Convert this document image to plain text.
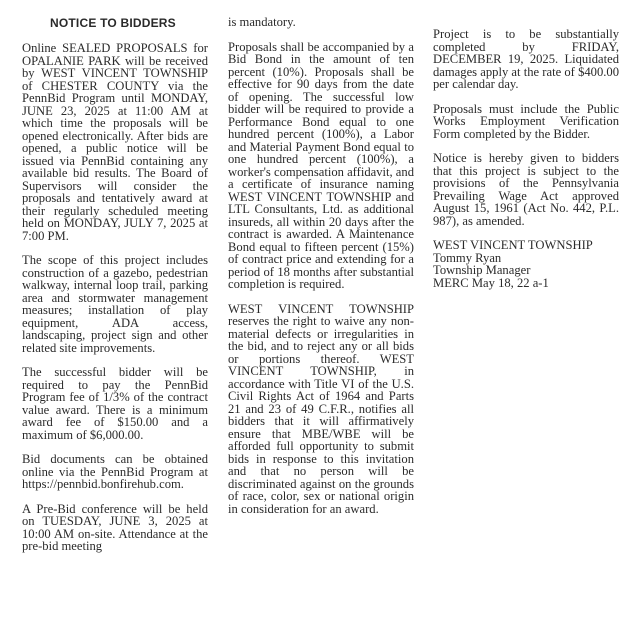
NOTICE TO BIDDERS

Online SEALED PROPOSALS for OPALANIE PARK will be received by WEST VINCENT TOWNSHIP of CHESTER COUNTY via the PennBid Program until MONDAY, JUNE 23, 2025 at 11:00 AM at which time the proposals will be opened electronically. After bids are opened, a public notice will be issued via PennBid containing any available bid results. The Board of Supervisors will consider the proposals and tentatively award at their regularly scheduled meeting held on MONDAY, JULY 7, 2025 at 7:00 PM.

The scope of this project includes construction of a gazebo, pedestrian walkway, internal loop trail, parking area and stormwater management measures; installation of play equipment, ADA access, landscaping, project sign and other related site improvements.

The successful bidder will be required to pay the PennBid Program fee of 1/3% of the contract value award. There is a minimum award fee of $150.00 and a maximum of $6,000.00.

Bid documents can be obtained online via the PennBid Program at https://pennbid.bonfirehub.com.

A Pre-Bid conference will be held on TUESDAY, JUNE 3, 2025 at 10:00 AM on-site. Attendance at the pre-bid meeting

is mandatory.

Proposals shall be accompanied by a Bid Bond in the amount of ten percent (10%). Proposals shall be effective for 90 days from the date of opening. The successful low bidder will be required to provide a Performance Bond equal to one hundred percent (100%), a Labor and Material Payment Bond equal to one hundred percent (100%), a worker's compensation affidavit, and a certificate of insurance naming WEST VINCENT TOWNSHIP and LTL Consultants, Ltd. as additional insureds, all within 20 days after the contract is awarded. A Maintenance Bond equal to fifteen percent (15%) of contract price and extending for a period of 18 months after substantial completion is required.

WEST VINCENT TOWNSHIP reserves the right to waive any non-material defects or irregularities in the bid, and to reject any or all bids or portions thereof. WEST VINCENT TOWNSHIP, in accordance with Title VI of the U.S. Civil Rights Act of 1964 and Parts 21 and 23 of 49 C.F.R., notifies all bidders that it will affirmatively ensure that MBE/WBE will be afforded full opportunity to submit bids in response to this invitation and that no person will be discriminated against on the grounds of race, color, sex or national origin in consideration for an award.

Project is to be substantially completed by FRIDAY, DECEMBER 19, 2025. Liquidated damages apply at the rate of $400.00 per calendar day.

Proposals must include the Public Works Employment Verification Form completed by the Bidder.

Notice is hereby given to bidders that this project is subject to the provisions of the Pennsylvania Prevailing Wage Act approved August 15, 1961 (Act No. 442, P.L. 987), as amended.

WEST VINCENT TOWNSHIP
Tommy Ryan
Township Manager
MERC May 18, 22 a-1
